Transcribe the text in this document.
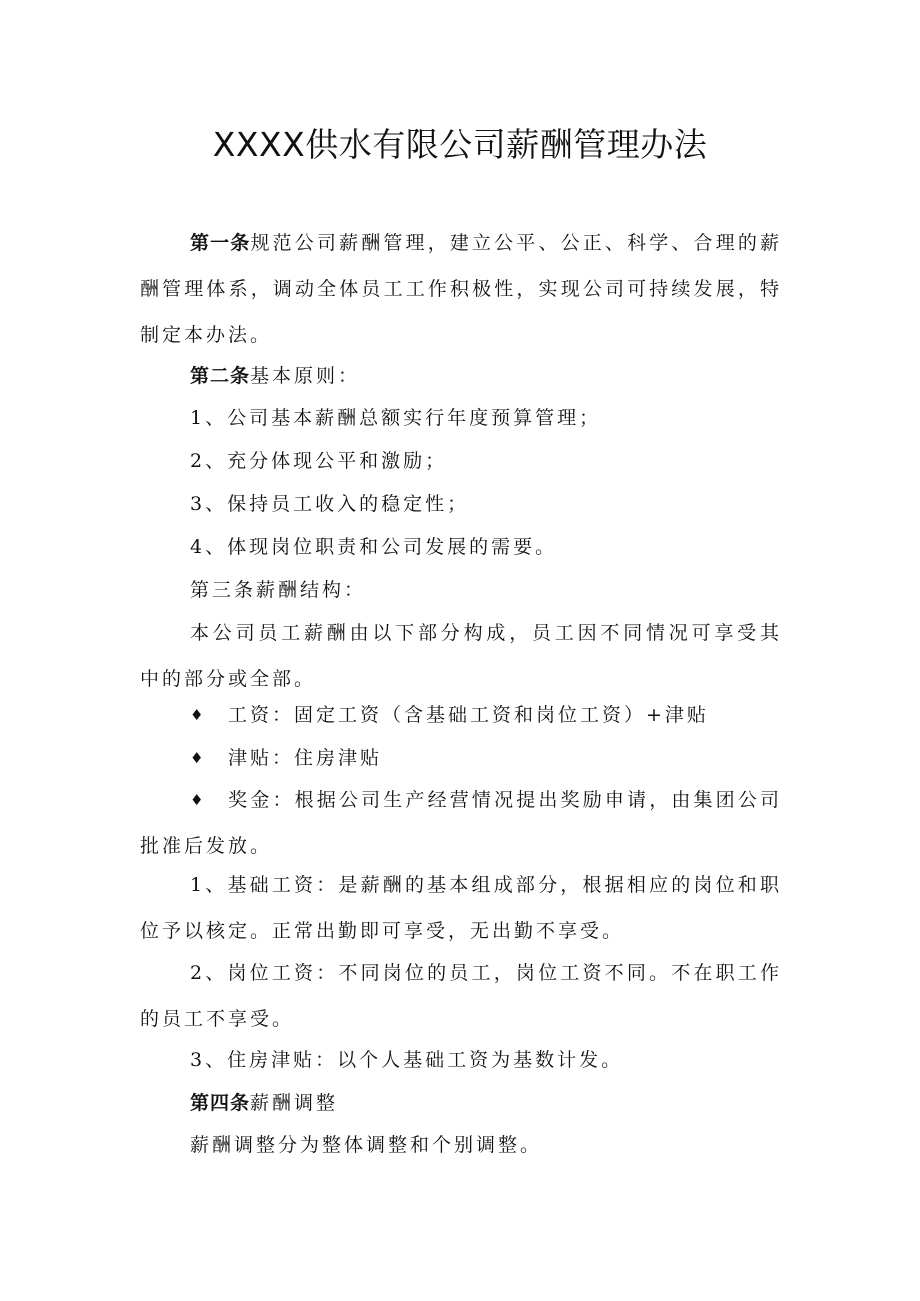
XXXX供水有限公司薪酬管理办法

第一条规范公司薪酬管理，建立公平、公正、科学、合理的薪酬管理体系，调动全体员工工作积极性，实现公司可持续发展，特制定本办法。

第二条基本原则：

1、公司基本薪酬总额实行年度预算管理；

2、充分体现公平和激励；

3、保持员工收入的稳定性；

4、体现岗位职责和公司发展的需要。

第三条薪酬结构：

本公司员工薪酬由以下部分构成，员工因不同情况可享受其中的部分或全部。

♦ 工资：固定工资（含基础工资和岗位工资）+津贴

♦ 津贴：住房津贴

♦ 奖金：根据公司生产经营情况提出奖励申请，由集团公司批准后发放。

1、基础工资：是薪酬的基本组成部分，根据相应的岗位和职位予以核定。正常出勤即可享受，无出勤不享受。

2、岗位工资：不同岗位的员工，岗位工资不同。不在职工作的员工不享受。

3、住房津贴：以个人基础工资为基数计发。

第四条薪酬调整

薪酬调整分为整体调整和个别调整。
